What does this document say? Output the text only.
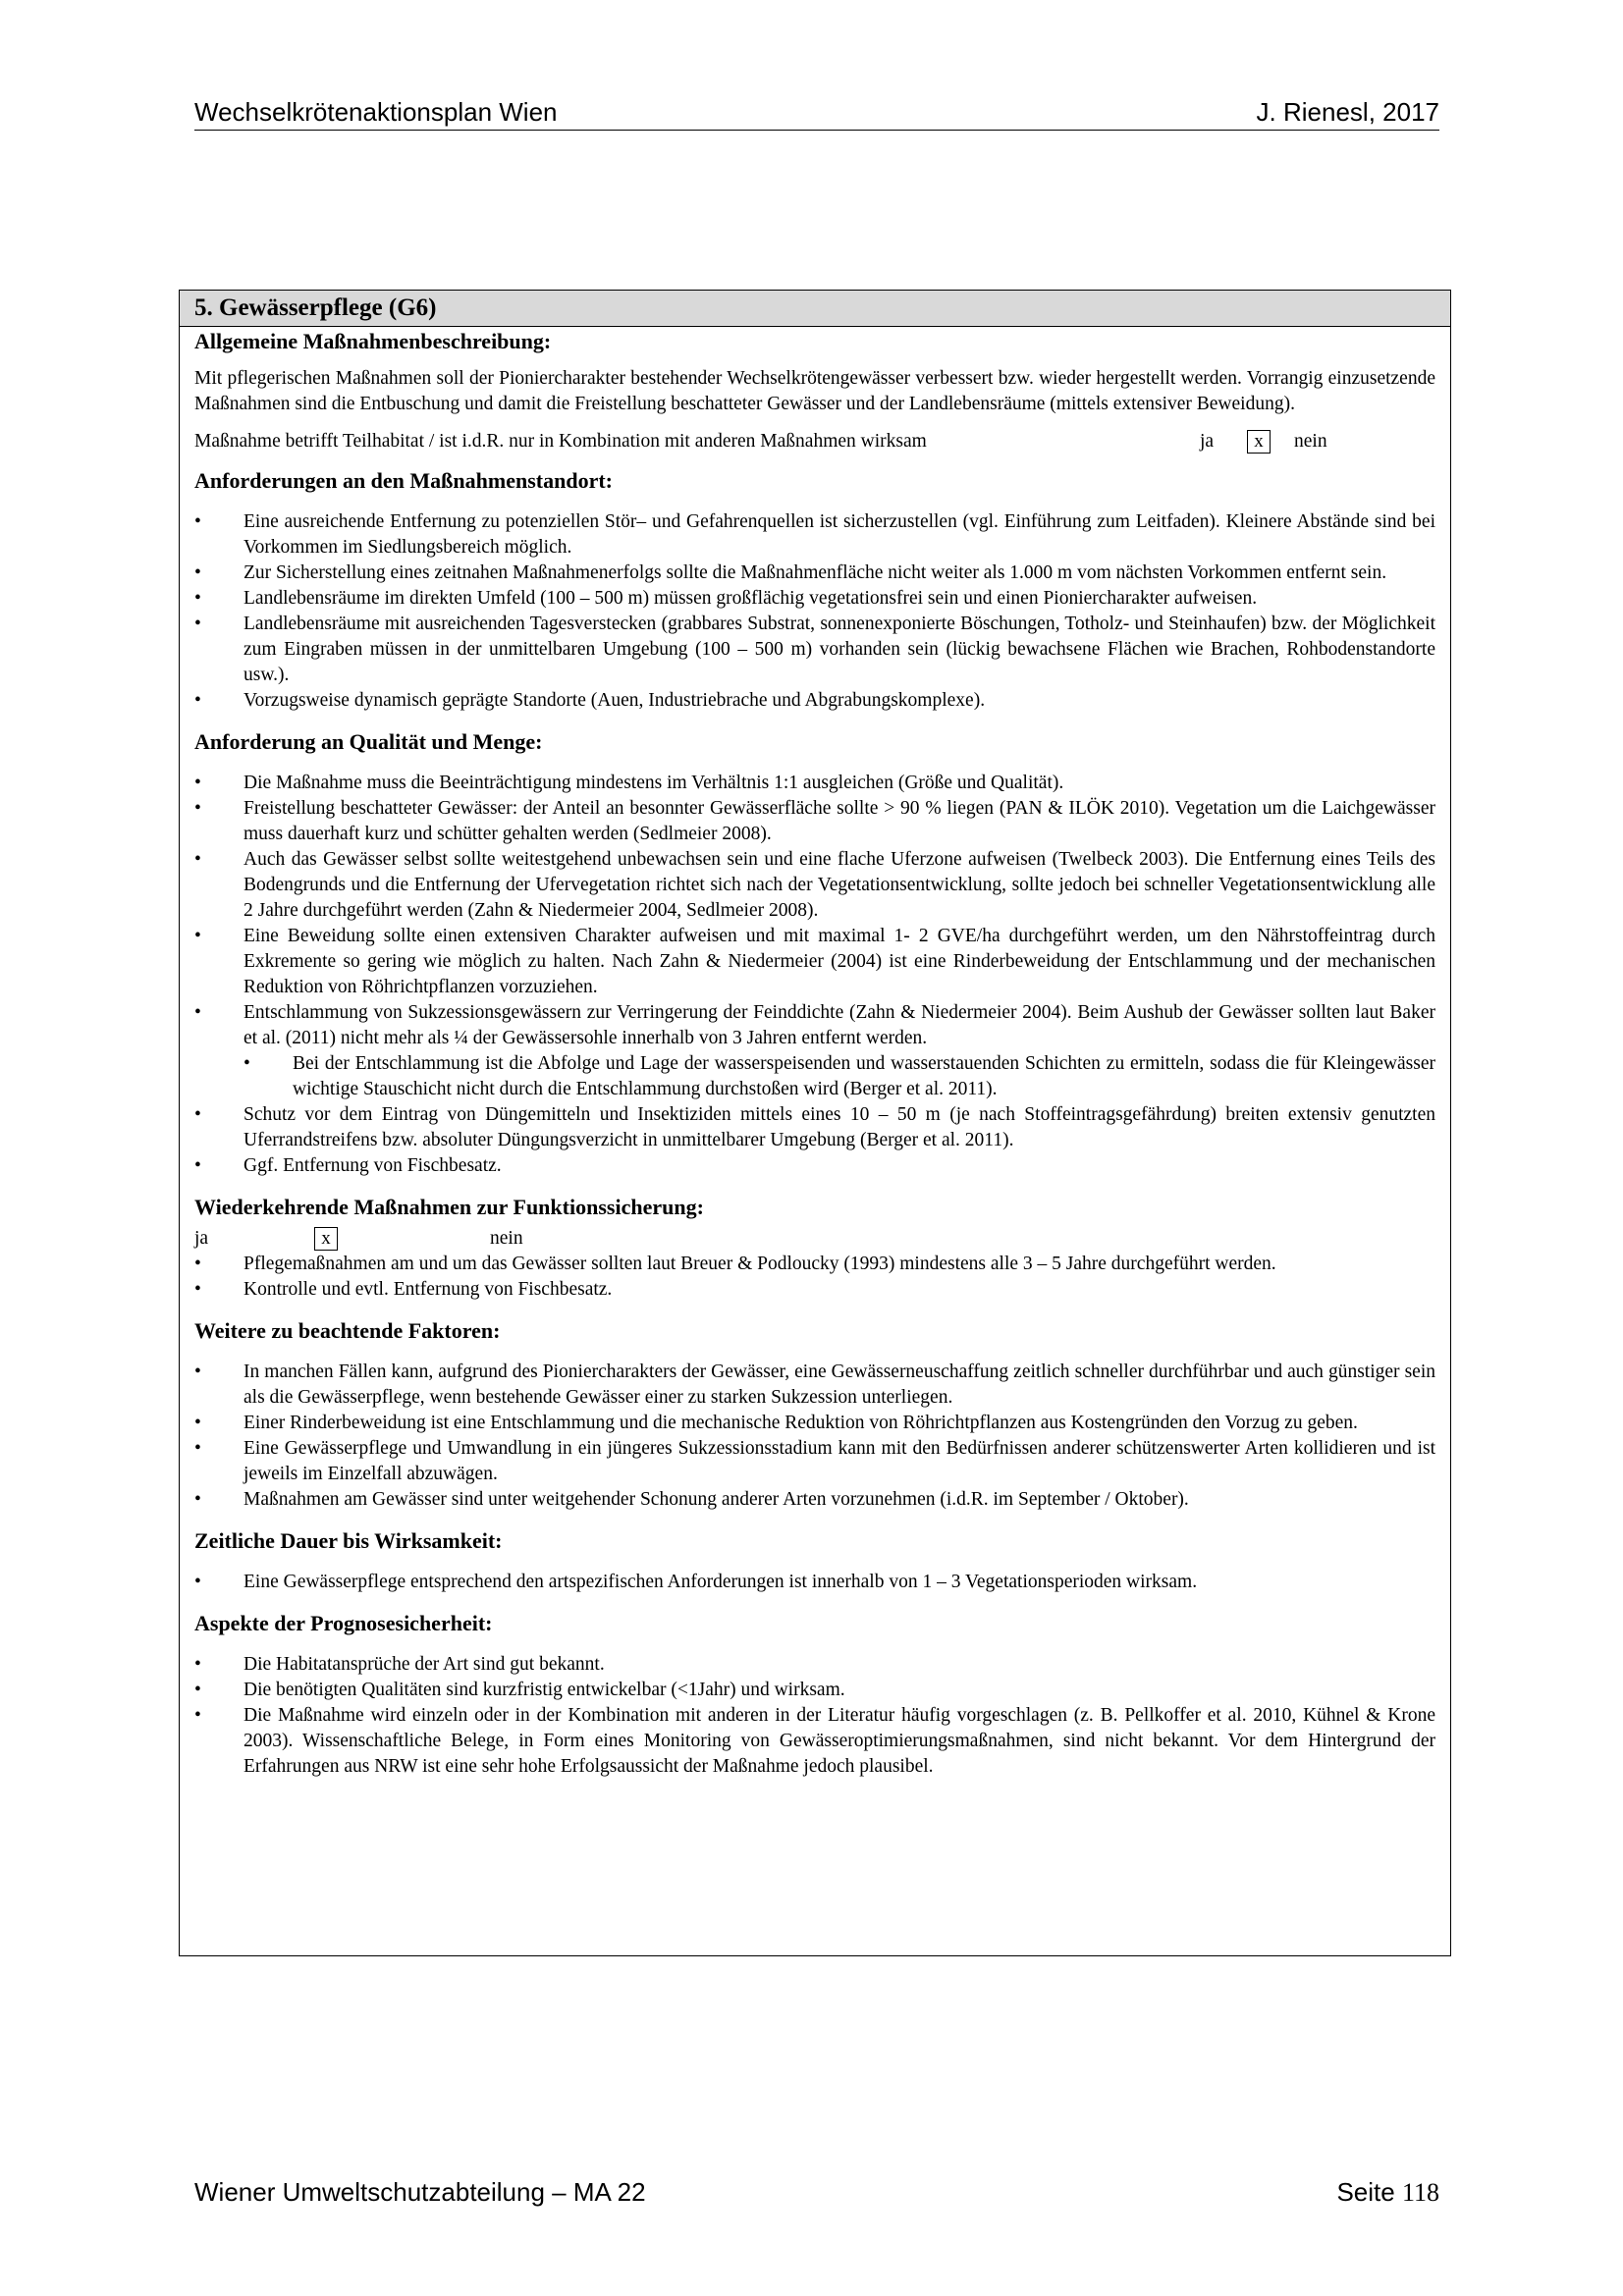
Wechselkrötenaktionsplan Wien	J. Rienesl, 2017
5. Gewässerpflege (G6)
Allgemeine Maßnahmenbeschreibung:

Mit pflegerischen Maßnahmen soll der Pioniercharakter bestehender Wechselkrötengewässer verbessert bzw. wieder hergestellt werden. Vorrangig einzusetzende Maßnahmen sind die Entbuschung und damit die Freistellung beschatteter Gewässer und der Landlebensräume (mittels extensiver Beweidung).

Maßnahme betrifft Teilhabitat / ist i.d.R. nur in Kombination mit anderen Maßnahmen wirksam	ja	x	nein
Anforderungen an den Maßnahmenstandort:
• Eine ausreichende Entfernung zu potenziellen Stör– und Gefahrenquellen ist sicherzustellen (vgl. Einführung zum Leitfaden). Kleinere Abstände sind bei Vorkommen im Siedlungsbereich möglich.
• Zur Sicherstellung eines zeitnahen Maßnahmenerfolgs sollte die Maßnahmenfläche nicht weiter als 1.000 m vom nächsten Vorkommen entfernt sein.
• Landlebensräume im direkten Umfeld (100 – 500 m) müssen großflächig vegetationsfrei sein und einen Pioniercharakter aufweisen.
• Landlebensräume mit ausreichenden Tagesverstecken (grabbares Substrat, sonnenexponierte Böschungen, Totholz- und Steinhaufen) bzw. der Möglichkeit zum Eingraben müssen in der unmittelbaren Umgebung (100 – 500 m) vorhanden sein (lückig bewachsene Flächen wie Brachen, Rohbodenstandorte usw.).
• Vorzugsweise dynamisch geprägte Standorte (Auen, Industriebrache und Abgrabungskomplexe).
Anforderung an Qualität und Menge:
• Die Maßnahme muss die Beeinträchtigung mindestens im Verhältnis 1:1 ausgleichen (Größe und Qualität).
• Freistellung beschatteter Gewässer: der Anteil an besonnter Gewässerfläche sollte > 90 % liegen (PAN & ILÖK 2010). Vegetation um die Laichgewässer muss dauerhaft kurz und schütter gehalten werden (Sedlmeier 2008).
• Auch das Gewässer selbst sollte weitestgehend unbewachsen sein und eine flache Uferzone aufweisen (Twelbeck 2003). Die Entfernung eines Teils des Bodengrunds und die Entfernung der Ufervegetation richtet sich nach der Vegetationsentwicklung, sollte jedoch bei schneller Vegetationsentwicklung alle 2 Jahre durchgeführt werden (Zahn & Niedermeier 2004, Sedlmeier 2008).
• Eine Beweidung sollte einen extensiven Charakter aufweisen und mit maximal 1- 2 GVE/ha durchgeführt werden, um den Nährstoffeintrag durch Exkremente so gering wie möglich zu halten. Nach Zahn & Niedermeier (2004) ist eine Rinderbeweidung der Entschlammung und der mechanischen Reduktion von Röhrichtpflanzen vorzuziehen.
• Entschlammung von Sukzessionsgewässern zur Verringerung der Feinddichte (Zahn & Niedermeier 2004). Beim Aushub der Gewässer sollten laut Baker et al. (2011) nicht mehr als ¼ der Gewässersohle innerhalb von 3 Jahren entfernt werden.
• Bei der Entschlammung ist die Abfolge und Lage der wasserspeisenden und wasserstauenden Schichten zu ermitteln, sodass die für Kleingewässer wichtige Stauschicht nicht durch die Entschlammung durchstoßen wird (Berger et al. 2011).
• Schutz vor dem Eintrag von Düngemitteln und Insektiziden mittels eines 10 – 50 m (je nach Stoffeintragsgefährdung) breiten extensiv genutzten Uferrandstreifens bzw. absoluter Düngungsverzicht in unmittelbarer Umgebung (Berger et al. 2011).
• Ggf. Entfernung von Fischbesatz.
Wiederkehrende Maßnahmen zur Funktionssicherung:
ja	x	nein
• Pflegemaßnahmen am und um das Gewässer sollten laut Breuer & Podloucky (1993) mindestens alle 3 – 5 Jahre durchgeführt werden.
• Kontrolle und evtl. Entfernung von Fischbesatz.
Weitere zu beachtende Faktoren:
• In manchen Fällen kann, aufgrund des Pioniercharakters der Gewässer, eine Gewässerneuschaffung zeitlich schneller durchführbar und auch günstiger sein als die Gewässerpflege, wenn bestehende Gewässer einer zu starken Sukzession unterliegen.
• Einer Rinderbeweidung ist eine Entschlammung und die mechanische Reduktion von Röhrichtpflanzen aus Kostengründen den Vorzug zu geben.
• Eine Gewässerpflege und Umwandlung in ein jüngeres Sukzessionsstadium kann mit den Bedürfnissen anderer schützenswerter Arten kollidieren und ist jeweils im Einzelfall abzuwägen.
• Maßnahmen am Gewässer sind unter weitgehender Schonung anderer Arten vorzunehmen (i.d.R. im September / Oktober).
Zeitliche Dauer bis Wirksamkeit:
• Eine Gewässerpflege entsprechend den artspezifischen Anforderungen ist innerhalb von 1 – 3 Vegetationsperioden wirksam.
Aspekte der Prognosesicherheit:
• Die Habitatansprüche der Art sind gut bekannt.
• Die benötigten Qualitäten sind kurzfristig entwickelbar (<1Jahr) und wirksam.
• Die Maßnahme wird einzeln oder in der Kombination mit anderen in der Literatur häufig vorgeschlagen (z. B. Pellkoffer et al. 2010, Kühnel & Krone 2003). Wissenschaftliche Belege, in Form eines Monitoring von Gewässeroptimierungsmaßnahmen, sind nicht bekannt. Vor dem Hintergrund der Erfahrungen aus NRW ist eine sehr hohe Erfolgsaussicht der Maßnahme jedoch plausibel.
Wiener Umweltschutzabteilung – MA 22	Seite 118
